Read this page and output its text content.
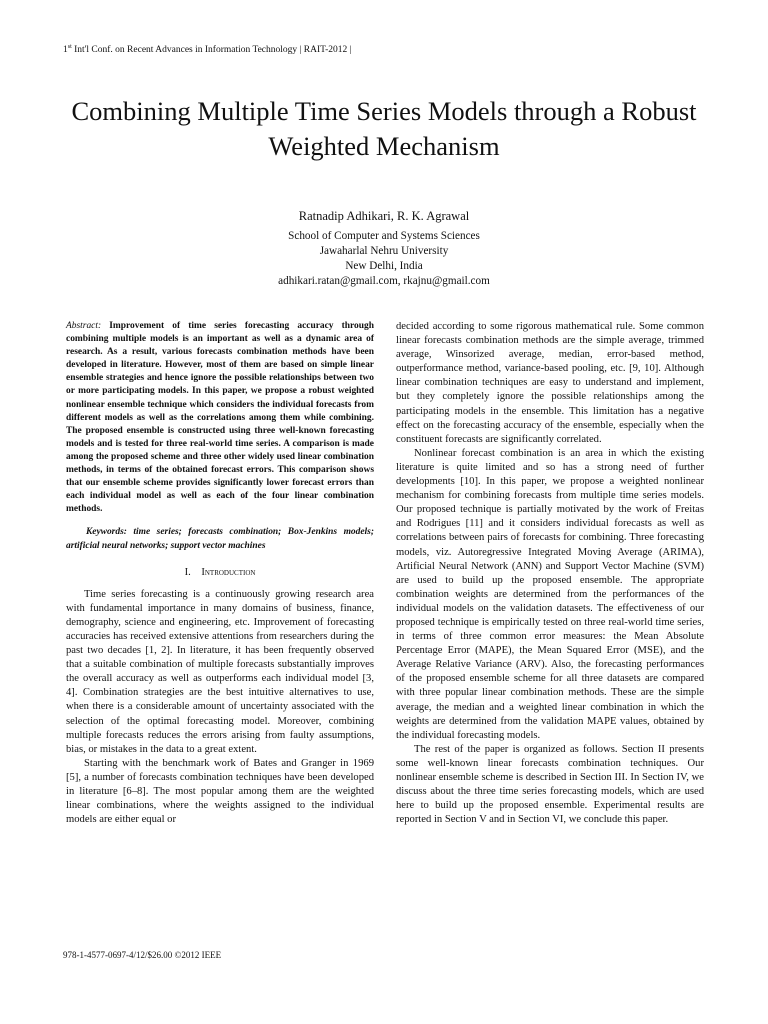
1st Int'l Conf. on Recent Advances in Information Technology | RAIT-2012 |
Combining Multiple Time Series Models through a Robust Weighted Mechanism
Ratnadip Adhikari, R. K. Agrawal
School of Computer and Systems Sciences
Jawaharlal Nehru University
New Delhi, India
adhikari.ratan@gmail.com, rkajnu@gmail.com
Abstract: Improvement of time series forecasting accuracy through combining multiple models is an important as well as a dynamic area of research. As a result, various forecasts combination methods have been developed in literature. However, most of them are based on simple linear ensemble strategies and hence ignore the possible relationships between two or more participating models. In this paper, we propose a robust weighted nonlinear ensemble technique which considers the individual forecasts from different models as well as the correlations among them while combining. The proposed ensemble is constructed using three well-known forecasting models and is tested for three real-world time series. A comparison is made among the proposed scheme and three other widely used linear combination methods, in terms of the obtained forecast errors. This comparison shows that our ensemble scheme provides significantly lower forecast errors than each individual model as well as each of the four linear combination methods.
Keywords: time series; forecasts combination; Box-Jenkins models; artificial neural networks; support vector machines
I. Introduction

Time series forecasting is a continuously growing research area with fundamental importance in many domains of business, finance, demography, science and engineering, etc. Improvement of forecasting accuracies has received extensive attentions from researchers during the past two decades [1, 2]. In literature, it has been frequently observed that a suitable combination of multiple forecasts substantially improves the overall accuracy as well as outperforms each individual model [3, 4]. Combination strategies are the best intuitive alternatives to use, when there is a considerable amount of uncertainty associated with the selection of the optimal forecasting model. Moreover, combining multiple forecasts reduces the errors arising from faulty assumptions, bias, or mistakes in the data to a great extent.

Starting with the benchmark work of Bates and Granger in 1969 [5], a number of forecasts combination techniques have been developed in literature [6–8]. The most popular among them are the weighted linear combinations, where the weights assigned to the individual models are either equal or

decided according to some rigorous mathematical rule. Some common linear forecasts combination methods are the simple average, trimmed average, Winsorized average, median, error-based method, outperformance method, variance-based pooling, etc. [9, 10]. Although linear combination techniques are easy to understand and implement, but they completely ignore the possible relationships among the participating models in the ensemble. This limitation has a negative effect on the forecasting accuracy of the ensemble, especially when the constituent forecasts are significantly correlated.

Nonlinear forecast combination is an area in which the existing literature is quite limited and so has a strong need of further developments [10]. In this paper, we propose a weighted nonlinear mechanism for combining forecasts from multiple time series models. Our proposed technique is partially motivated by the work of Freitas and Rodrigues [11] and it considers individual forecasts as well as correlations between pairs of forecasts for combining. Three forecasting models, viz. Autoregressive Integrated Moving Average (ARIMA), Artificial Neural Network (ANN) and Support Vector Machine (SVM) are used to build up the proposed ensemble. The appropriate combination weights are determined from the performances of the individual models on the validation datasets. The effectiveness of our proposed technique is empirically tested on three real-world time series, in terms of three common error measures: the Mean Absolute Percentage Error (MAPE), the Mean Squared Error (MSE), and the Average Relative Variance (ARV). Also, the forecasting performances of the proposed ensemble scheme for all three datasets are compared with three popular linear combination methods. These are the simple average, the median and a weighted linear combination in which the weights are determined from the validation MAPE values, obtained by the individual forecasting models.

The rest of the paper is organized as follows. Section II presents some well-known linear forecasts combination techniques. Our nonlinear ensemble scheme is described in Section III. In Section IV, we discuss about the three time series forecasting models, which are used here to build up the proposed ensemble. Experimental results are reported in Section V and in Section VI, we conclude this paper.

978-1-4577-0697-4/12/$26.00 ©2012 IEEE
